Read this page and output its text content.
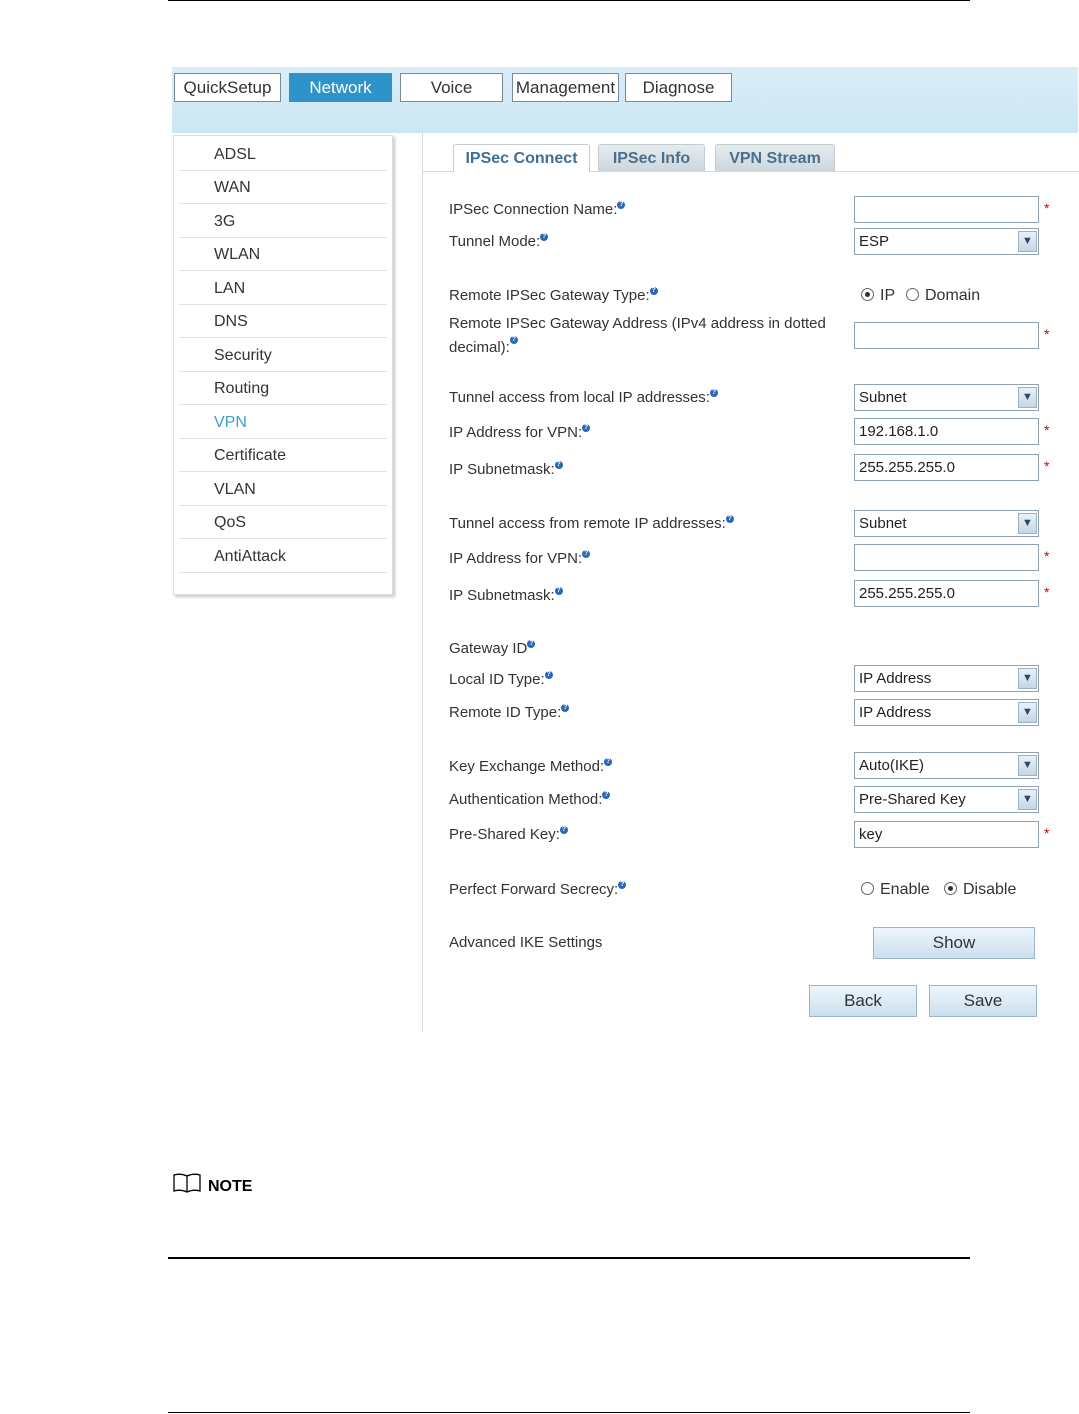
QuickSetup	Network	Voice	Management	Diagnose
ADSL
WAN
3G
WLAN
LAN
DNS
Security
Routing
VPN
Certificate
VLAN
QoS
AntiAttack
IPSec Connect	IPSec Info	VPN Stream
IPSec Connection Name: ?	*
Tunnel Mode: ?	ESP	▼
Remote IPSec Gateway Type: ?	IP	Domain
Remote IPSec Gateway Address (IPv4 address in dotted decimal): ?	*
Tunnel access from local IP addresses: ?	Subnet	▼
IP Address for VPN: ?
192.168.1.0	*
IP Subnetmask: ?
255.255.255.0	*
Tunnel access from remote IP addresses: ?	Subnet	▼
IP Address for VPN: ?	*
IP Subnetmask: ?
255.255.255.0	*
Gateway ID ?
Local ID Type: ?	IP Address	▼
Remote ID Type: ?	IP Address	▼
Key Exchange Method: ?	Auto(IKE)	▼
Authentication Method: ?	Pre-Shared Key	▼
Pre-Shared Key: ?
key	*
Perfect Forward Secrecy: ?	Enable	Disable
Advanced IKE Settings	Show
Back	Save
NOTE
